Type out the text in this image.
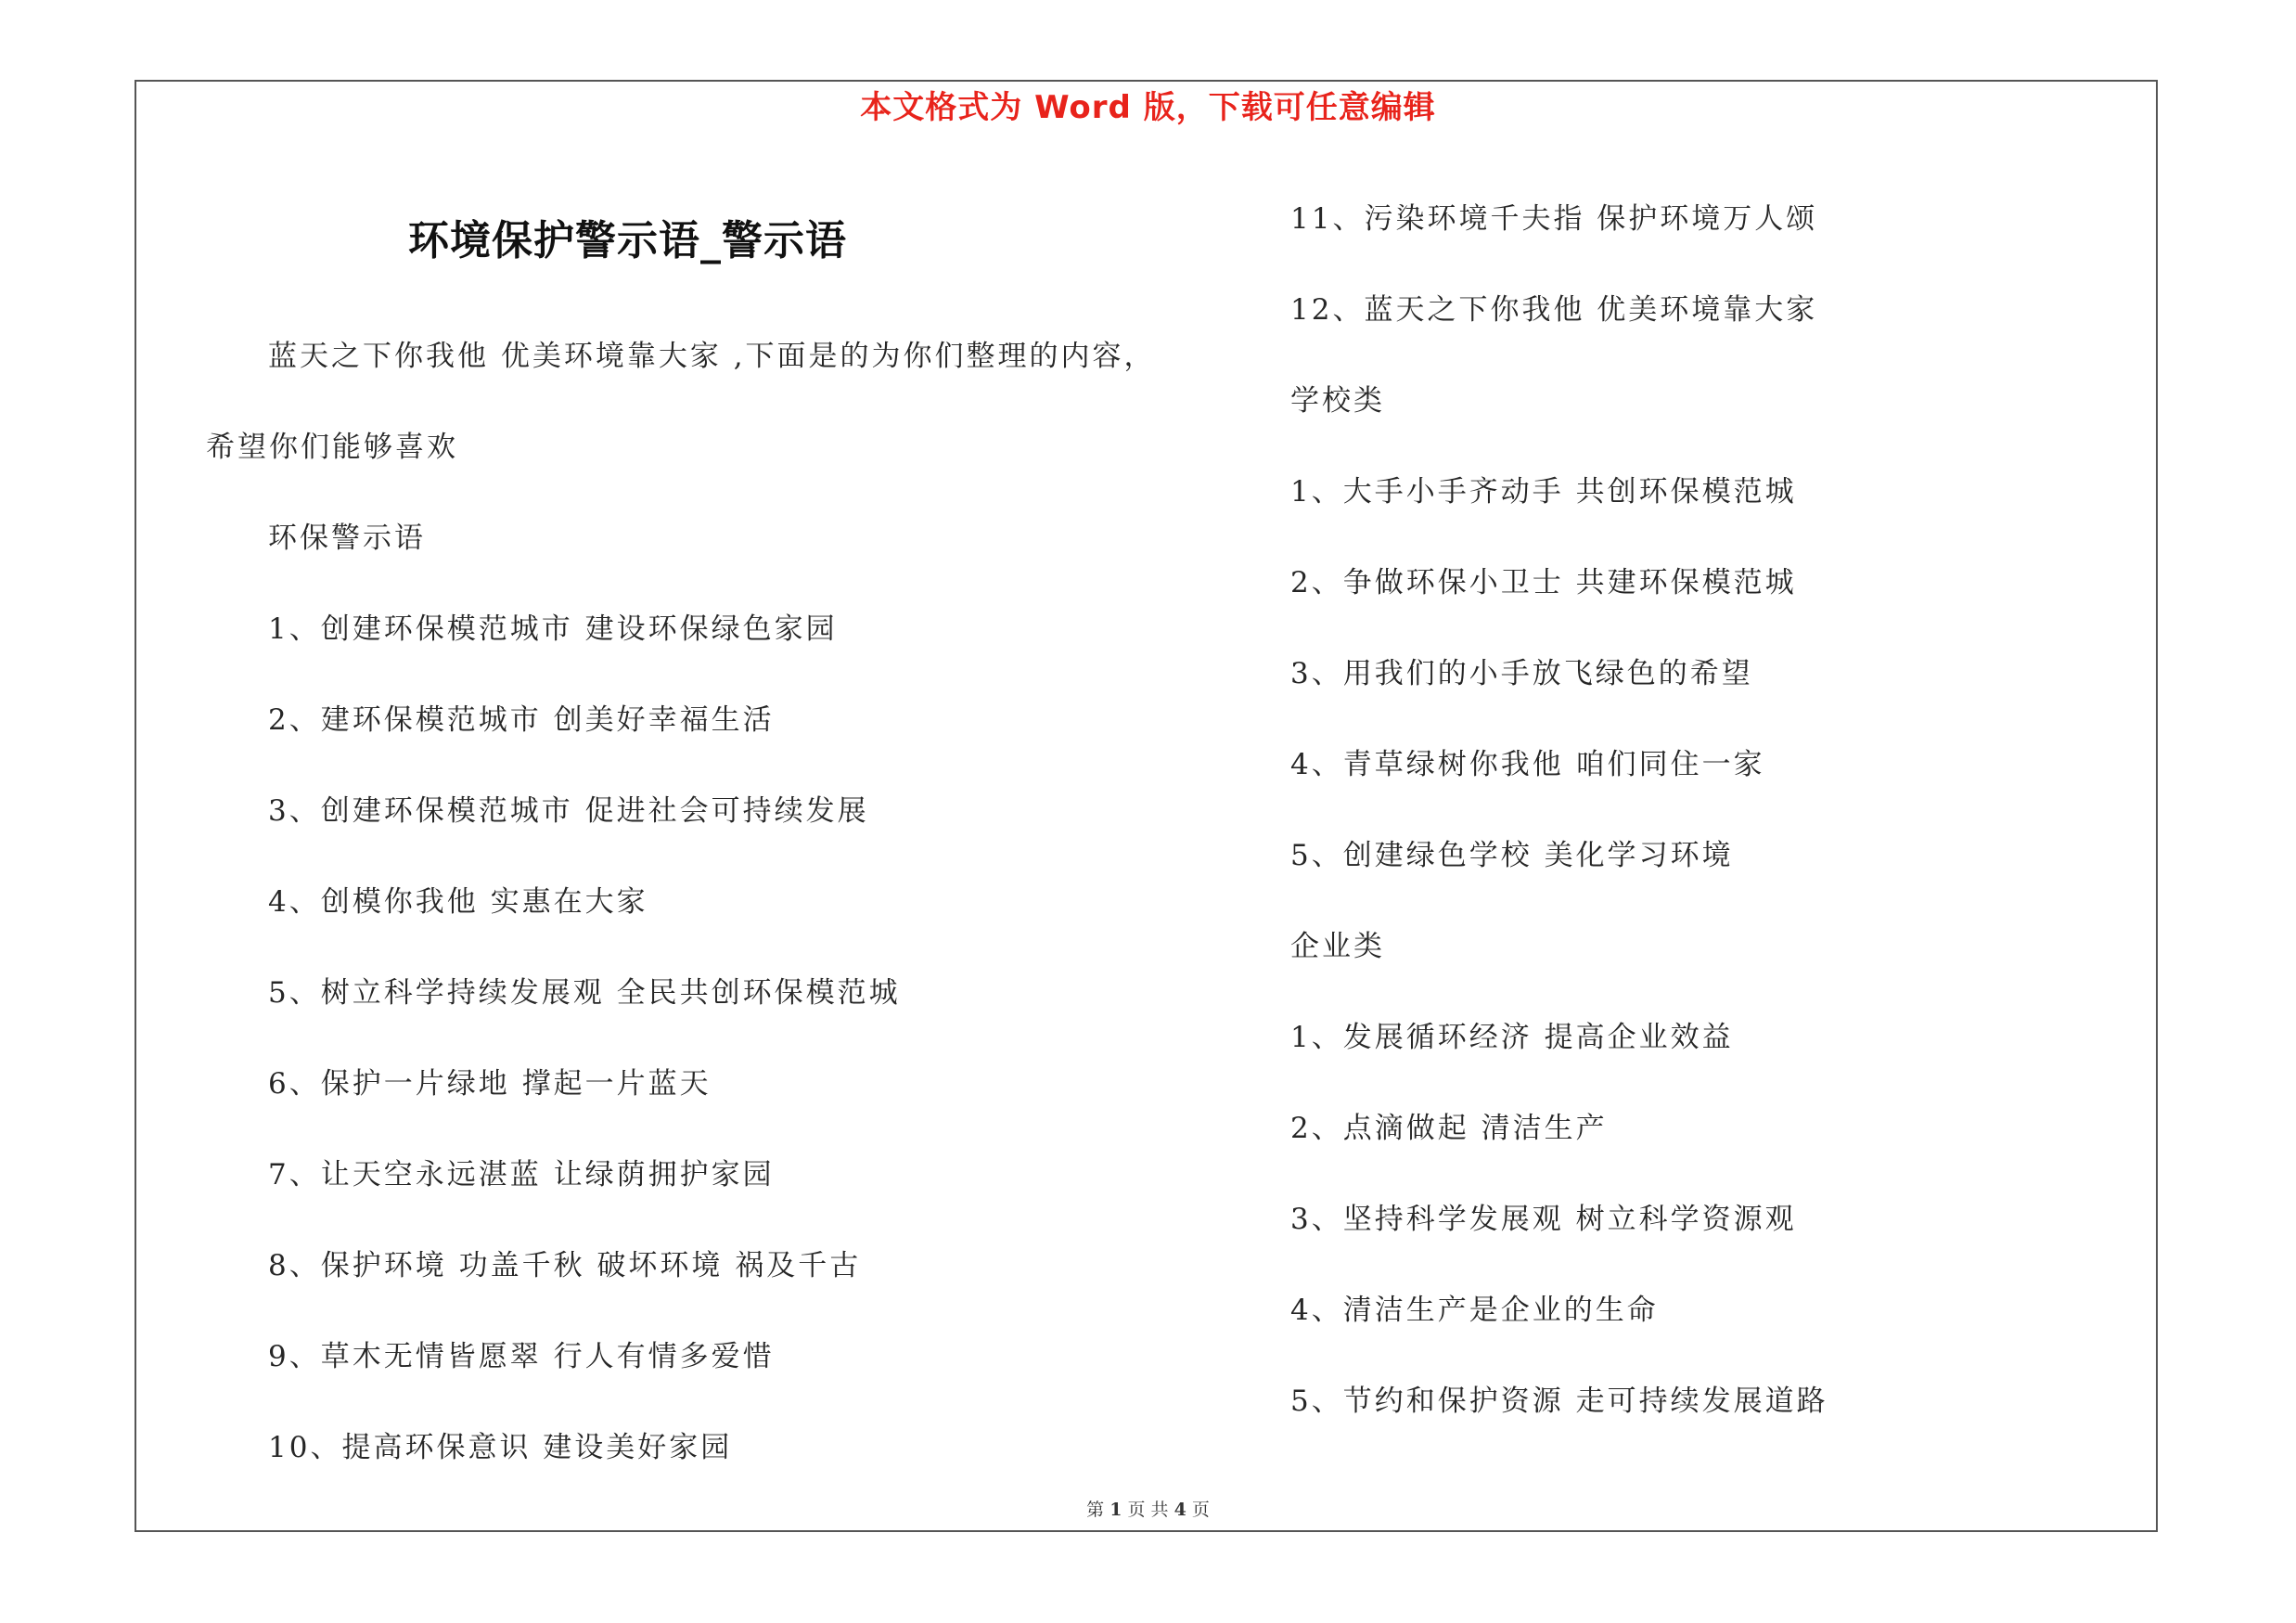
本文格式为 Word 版，下载可任意编辑
环境保护警示语_警示语
蓝天之下你我他 优美环境靠大家 ,下面是的为你们整理的内容，
希望你们能够喜欢
环保警示语
1、创建环保模范城市 建设环保绿色家园
2、建环保模范城市 创美好幸福生活
3、创建环保模范城市 促进社会可持续发展
4、创模你我他 实惠在大家
5、树立科学持续发展观 全民共创环保模范城
6、保护一片绿地 撑起一片蓝天
7、让天空永远湛蓝 让绿荫拥护家园
8、保护环境 功盖千秋 破坏环境 祸及千古
9、草木无情皆愿翠 行人有情多爱惜
10、提高环保意识 建设美好家园
11、污染环境千夫指 保护环境万人颂
12、蓝天之下你我他 优美环境靠大家
学校类
1、大手小手齐动手 共创环保模范城
2、争做环保小卫士 共建环保模范城
3、用我们的小手放飞绿色的希望
4、青草绿树你我他 咱们同住一家
5、创建绿色学校 美化学习环境
企业类
1、发展循环经济 提高企业效益
2、点滴做起 清洁生产
3、坚持科学发展观 树立科学资源观
4、清洁生产是企业的生命
5、节约和保护资源 走可持续发展道路
第 1 页 共 4 页
